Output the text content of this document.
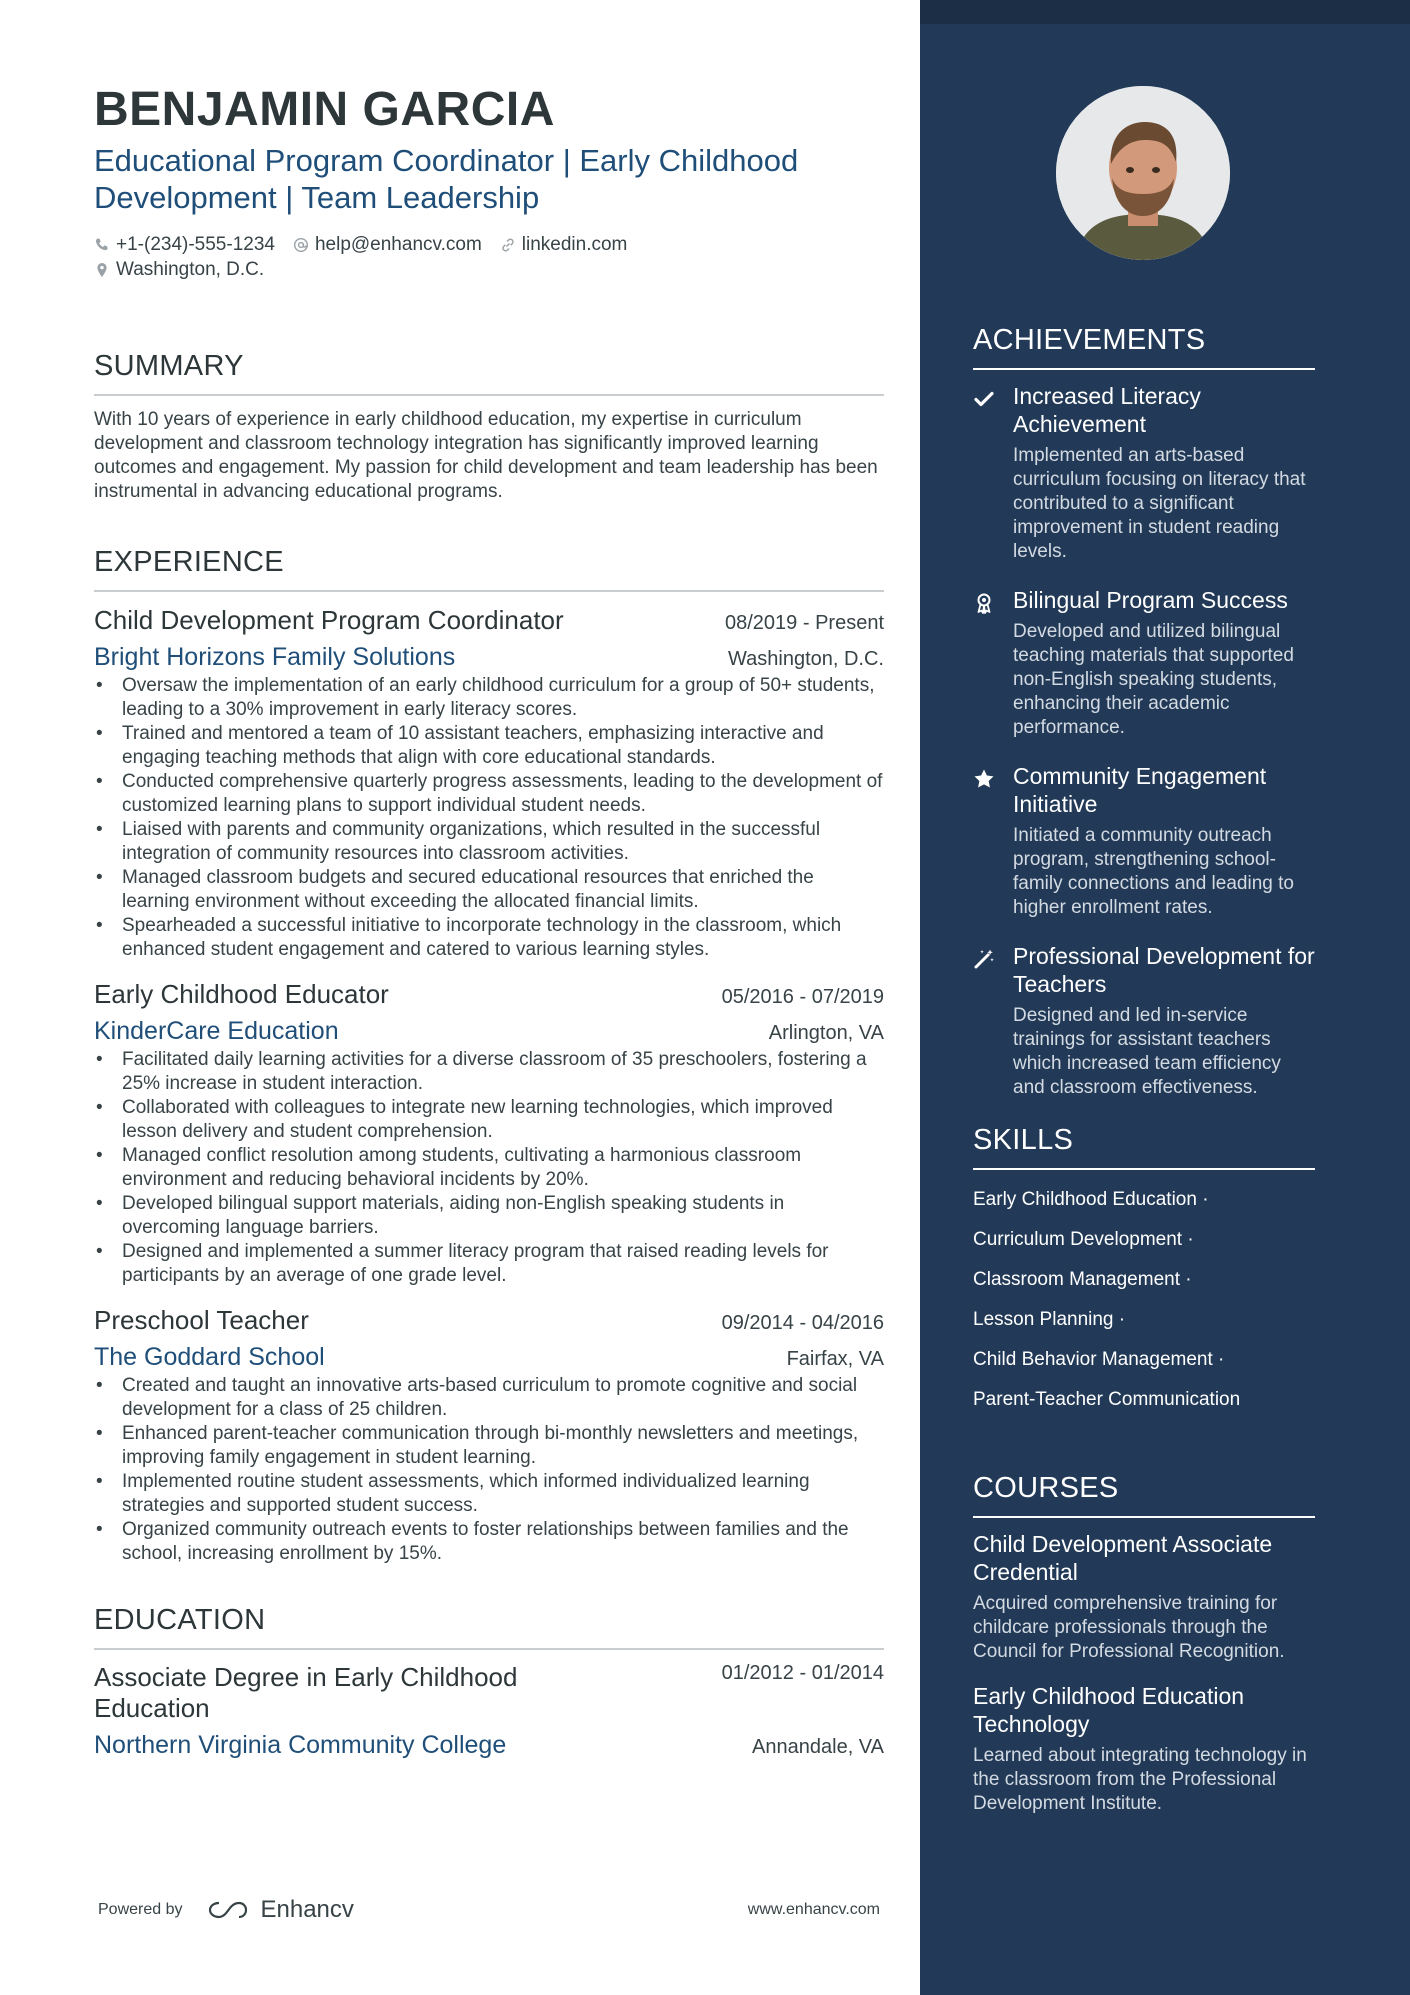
BENJAMIN GARCIA
Educational Program Coordinator | Early Childhood Development | Team Leadership
+1-(234)-555-1234 help@enhancv.com linkedin.com
Washington, D.C.
SUMMARY
With 10 years of experience in early childhood education, my expertise in curriculum development and classroom technology integration has significantly improved learning outcomes and engagement. My passion for child development and team leadership has been instrumental in advancing educational programs.
EXPERIENCE
Child Development Program Coordinator	08/2019 - Present
Bright Horizons Family Solutions	Washington, D.C.
• Oversaw the implementation of an early childhood curriculum for a group of 50+ students, leading to a 30% improvement in early literacy scores.
• Trained and mentored a team of 10 assistant teachers, emphasizing interactive and engaging teaching methods that align with core educational standards.
• Conducted comprehensive quarterly progress assessments, leading to the development of customized learning plans to support individual student needs.
• Liaised with parents and community organizations, which resulted in the successful integration of community resources into classroom activities.
• Managed classroom budgets and secured educational resources that enriched the learning environment without exceeding the allocated financial limits.
• Spearheaded a successful initiative to incorporate technology in the classroom, which enhanced student engagement and catered to various learning styles.
Early Childhood Educator	05/2016 - 07/2019
KinderCare Education	Arlington, VA
• Facilitated daily learning activities for a diverse classroom of 35 preschoolers, fostering a 25% increase in student interaction.
• Collaborated with colleagues to integrate new learning technologies, which improved lesson delivery and student comprehension.
• Managed conflict resolution among students, cultivating a harmonious classroom environment and reducing behavioral incidents by 20%.
• Developed bilingual support materials, aiding non-English speaking students in overcoming language barriers.
• Designed and implemented a summer literacy program that raised reading levels for participants by an average of one grade level.
Preschool Teacher	09/2014 - 04/2016
The Goddard School	Fairfax, VA
• Created and taught an innovative arts-based curriculum to promote cognitive and social development for a class of 25 children.
• Enhanced parent-teacher communication through bi-monthly newsletters and meetings, improving family engagement in student learning.
• Implemented routine student assessments, which informed individualized learning strategies and supported student success.
• Organized community outreach events to foster relationships between families and the school, increasing enrollment by 15%.
EDUCATION
Associate Degree in Early Childhood Education
01/2012 - 01/2014
Northern Virginia Community College	Annandale, VA
Powered by	Enhancv	www.enhancv.com
ACHIEVEMENTS
Increased Literacy Achievement
Implemented an arts-based curriculum focusing on literacy that contributed to a significant improvement in student reading levels.
Bilingual Program Success
Developed and utilized bilingual teaching materials that supported non-English speaking students, enhancing their academic performance.
Community Engagement Initiative
Initiated a community outreach program, strengthening school-family connections and leading to higher enrollment rates.
Professional Development for Teachers
Designed and led in-service trainings for assistant teachers which increased team efficiency and classroom effectiveness.
SKILLS
Early Childhood Education ·
Curriculum Development ·
Classroom Management ·
Lesson Planning ·
Child Behavior Management ·
Parent-Teacher Communication
COURSES
Child Development Associate Credential
Acquired comprehensive training for childcare professionals through the Council for Professional Recognition.
Early Childhood Education Technology
Learned about integrating technology in the classroom from the Professional Development Institute.
